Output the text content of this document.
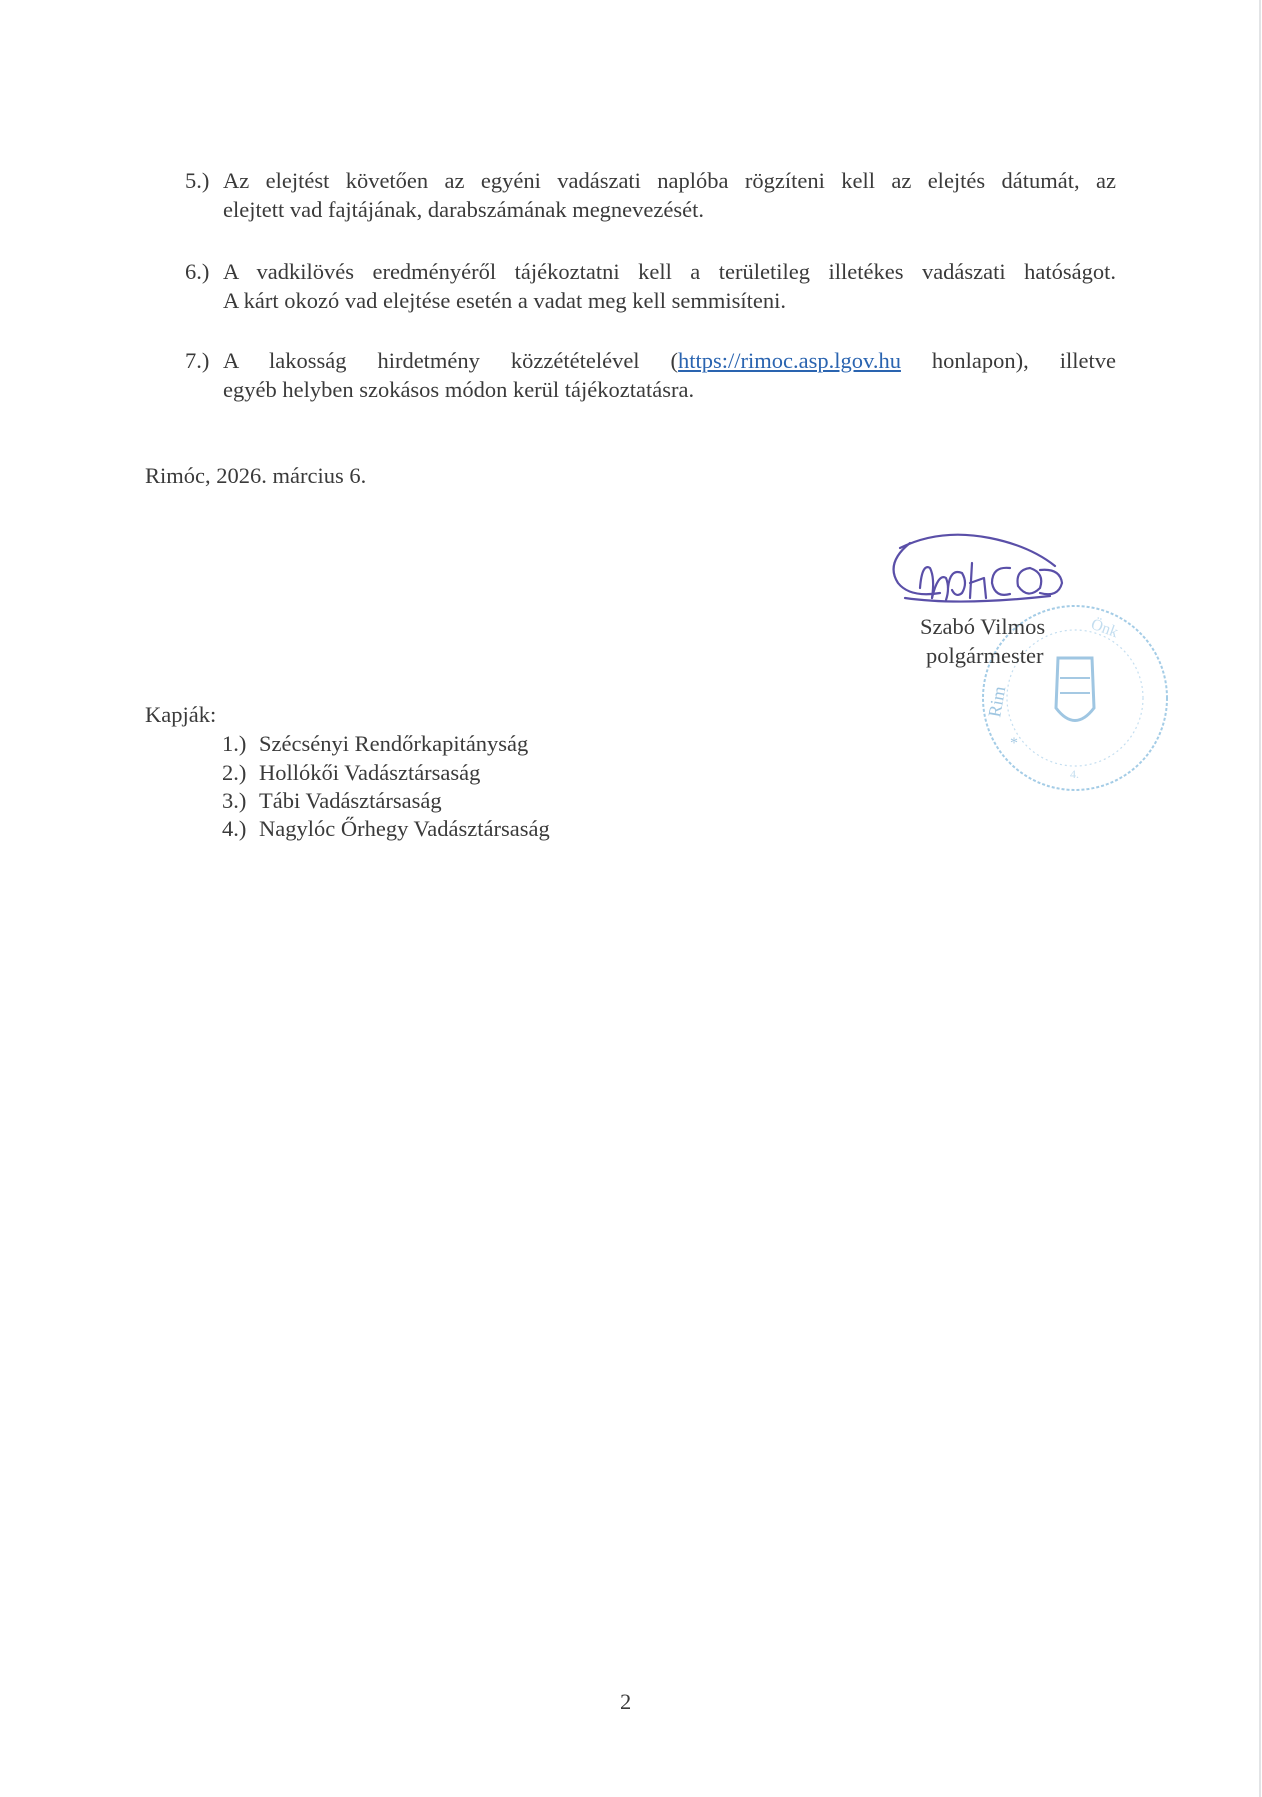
5.) Az elejtést követően az egyéni vadászati naplóba rögzíteni kell az elejtés dátumát, az
elejtett vad fajtájának, darabszámának megnevezését.
6.) A vadkilövés eredményéről tájékoztatni kell a területileg illetékes vadászati hatóságot.
A kárt okozó vad elejtése esetén a vadat meg kell semmisíteni.
7.) A lakosság hirdetmény közzétételével (https://rimoc.asp.lgov.hu honlapon), illetve
egyéb helyben szokásos módon kerül tájékoztatásra.
Rimóc, 2026. március 6.
Rim
Önk
*
4.
Szabó Vilmos
polgármester
Kapják:
1.) Szécsényi Rendőrkapitányság
2.) Hollókői Vadásztársaság
3.) Tábi Vadásztársaság
4.) Nagylóc Őrhegy Vadásztársaság
2
